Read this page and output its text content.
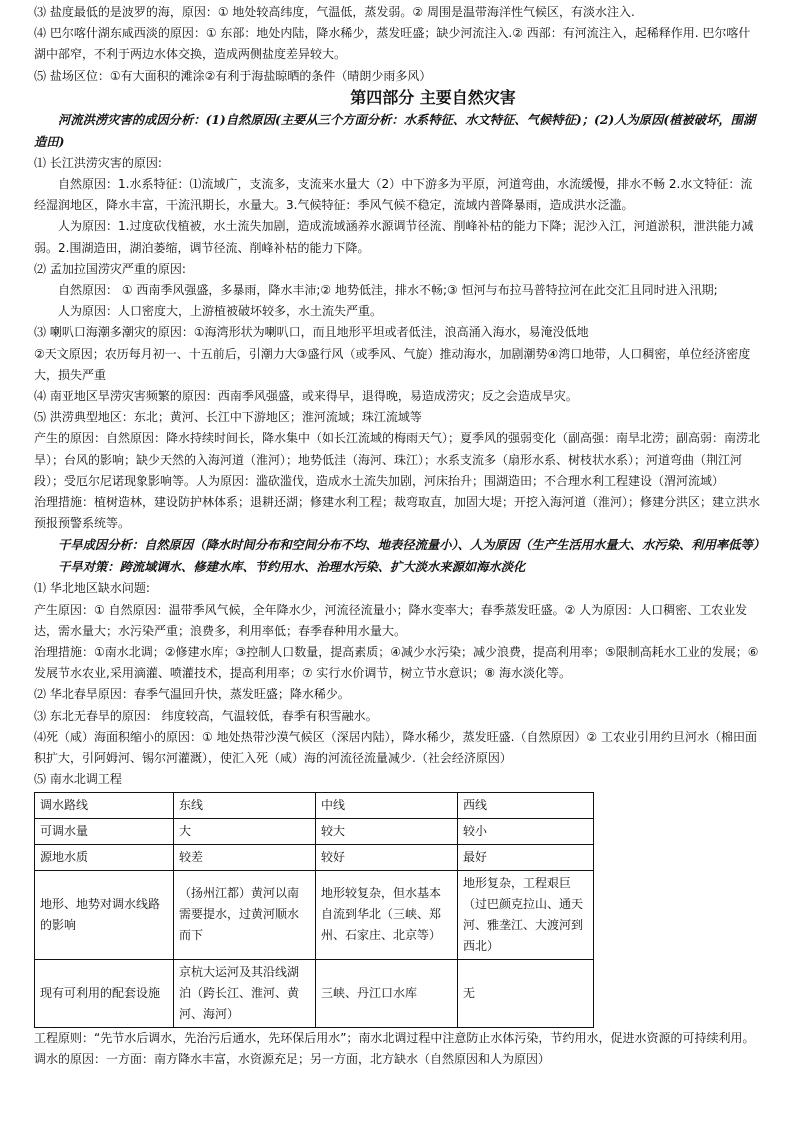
⑶ 盐度最低的是波罗的海，原因：① 地处较高纬度，气温低，蒸发弱。② 周围是温带海洋性气候区，有淡水注入.

⑷ 巴尔喀什湖东咸西淡的原因：① 东部：地处内陆，降水稀少，蒸发旺盛；缺少河流注入.② 西部：有河流注入，起稀释作用. 巴尔喀什湖中部窄，不利于两边水体交换，造成两侧盐度差异较大。

⑸ 盐场区位：①有大面积的滩涂②有利于海盐晾晒的条件（晴朗少雨多风）

第四部分 主要自然灾害

河流洪涝灾害的成因分析：(1)自然原因(主要从三个方面分析：水系特征、水文特征、气候特征)；(2)人为原因(植被破坏，围湖造田)

⑴ 长江洪涝灾害的原因:

自然原因：1.水系特征：⑴流域广，支流多，支流来水量大（2）中下游多为平原，河道弯曲，水流缓慢，排水不畅 2.水文特征：流经湿润地区，降水丰富，干流汛期长，水量大。3.气候特征：季风气候不稳定，流域内普降暴雨，造成洪水泛滥。

人为原因：1.过度砍伐植被，水土流失加剧，造成流域涵养水源调节径流、削峰补枯的能力下降；泥沙入江，河道淤积，泄洪能力减弱。2.围湖造田，湖泊萎缩，调节径流、削峰补枯的能力下降。

⑵ 孟加拉国涝灾严重的原因:

自然原因： ① 西南季风强盛，多暴雨，降水丰沛;② 地势低洼，排水不畅;③ 恒河与布拉马普特拉河在此交汇且同时进入汛期;

人为原因：人口密度大，上游植被破坏较多，水土流失严重。

⑶ 喇叭口海潮多潮灾的原因：①海湾形状为喇叭口，而且地形平坦或者低洼，浪高涌入海水，易淹没低地

②天文原因；农历每月初一、十五前后，引潮力大③盛行风（或季风、气旋）推动海水，加剧潮势④湾口地带，人口稠密，单位经济密度大，损失严重

⑷ 南亚地区旱涝灾害频繁的原因：西南季风强盛，或来得早，退得晚，易造成涝灾；反之会造成旱灾。

⑸ 洪涝典型地区：东北；黄河、长江中下游地区；淮河流域；珠江流域等

产生的原因：自然原因：降水持续时间长，降水集中（如长江流域的梅雨天气）；夏季风的强弱变化（副高强：南旱北涝；副高弱：南涝北旱）；台风的影响；缺少天然的入海河道（淮河）；地势低洼（海河、珠江）；水系支流多（扇形水系、树枝状水系）；河道弯曲（荆江河段）；受厄尔尼诺现象影响等。人为原因：滥砍滥伐，造成水土流失加剧，河床抬升；围湖造田；不合理水利工程建设（渭河流域）

治理措施：植树造林，建设防护林体系；退耕还湖；修建水利工程；裁弯取直，加固大堤；开挖入海河道（淮河）；修建分洪区；建立洪水预报预警系统等。

干旱成因分析：自然原因（降水时间分布和空间分布不均、地表径流量小）、人为原因（生产生活用水量大、水污染、利用率低等）

干旱对策：跨流域调水、修建水库、节约用水、治理水污染、扩大淡水来源如海水淡化

⑴ 华北地区缺水问题:

产生原因：① 自然原因：温带季风气候，全年降水少，河流径流量小；降水变率大；春季蒸发旺盛。② 人为原因：人口稠密、工农业发达，需水量大；水污染严重；浪费多，利用率低；春季春种用水量大。

治理措施：①南水北调；②修建水库；③控制人口数量，提高素质；④减少水污染；减少浪费，提高利用率；⑤限制高耗水工业的发展；⑥发展节水农业,采用滴灌、喷灌技术，提高利用率；⑦ 实行水价调节，树立节水意识；⑧ 海水淡化等。

⑵ 华北春旱原因：春季气温回升快，蒸发旺盛；降水稀少。

⑶ 东北无春旱的原因： 纬度较高，气温较低，春季有积雪融水。

⑷死（咸）海面积缩小的原因：① 地处热带沙漠气候区（深居内陆），降水稀少，蒸发旺盛.（自然原因）② 工农业引用约旦河水（棉田面积扩大，引阿姆河、锡尔河灌溉），使汇入死（咸）海的河流径流量减少.（社会经济原因）

⑸ 南水北调工程

调水路线	东线	中线	西线
可调水量	大	较大	较小
源地水质	较差	较好	最好
地形、地势对调水线路的影响	（扬州江都）黄河以南需要提水，过黄河顺水而下	地形较复杂，但水基本自流到华北（三峡、郑州、石家庄、北京等）	地形复杂，工程艰巨（过巴颜克拉山、通天河、雅垄江、大渡河到西北）
现有可利用的配套设施	京杭大运河及其沿线湖泊（跨长江、淮河、黄河、海河）	三峡、丹江口水库	无

工程原则：“先节水后调水，先治污后通水，先环保后用水”；南水北调过程中注意防止水体污染，节约用水，促进水资源的可持续利用。

调水的原因：一方面：南方降水丰富，水资源充足；另一方面，北方缺水（自然原因和人为原因）
